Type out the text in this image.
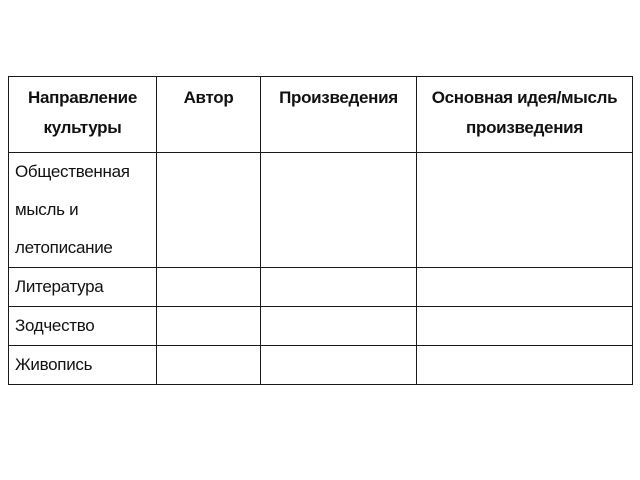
Направление культуры	Автор	Произведения	Основная идея/мысль произведения
Общественная мысль и летописание			
Литература			
Зодчество			
Живопись			
